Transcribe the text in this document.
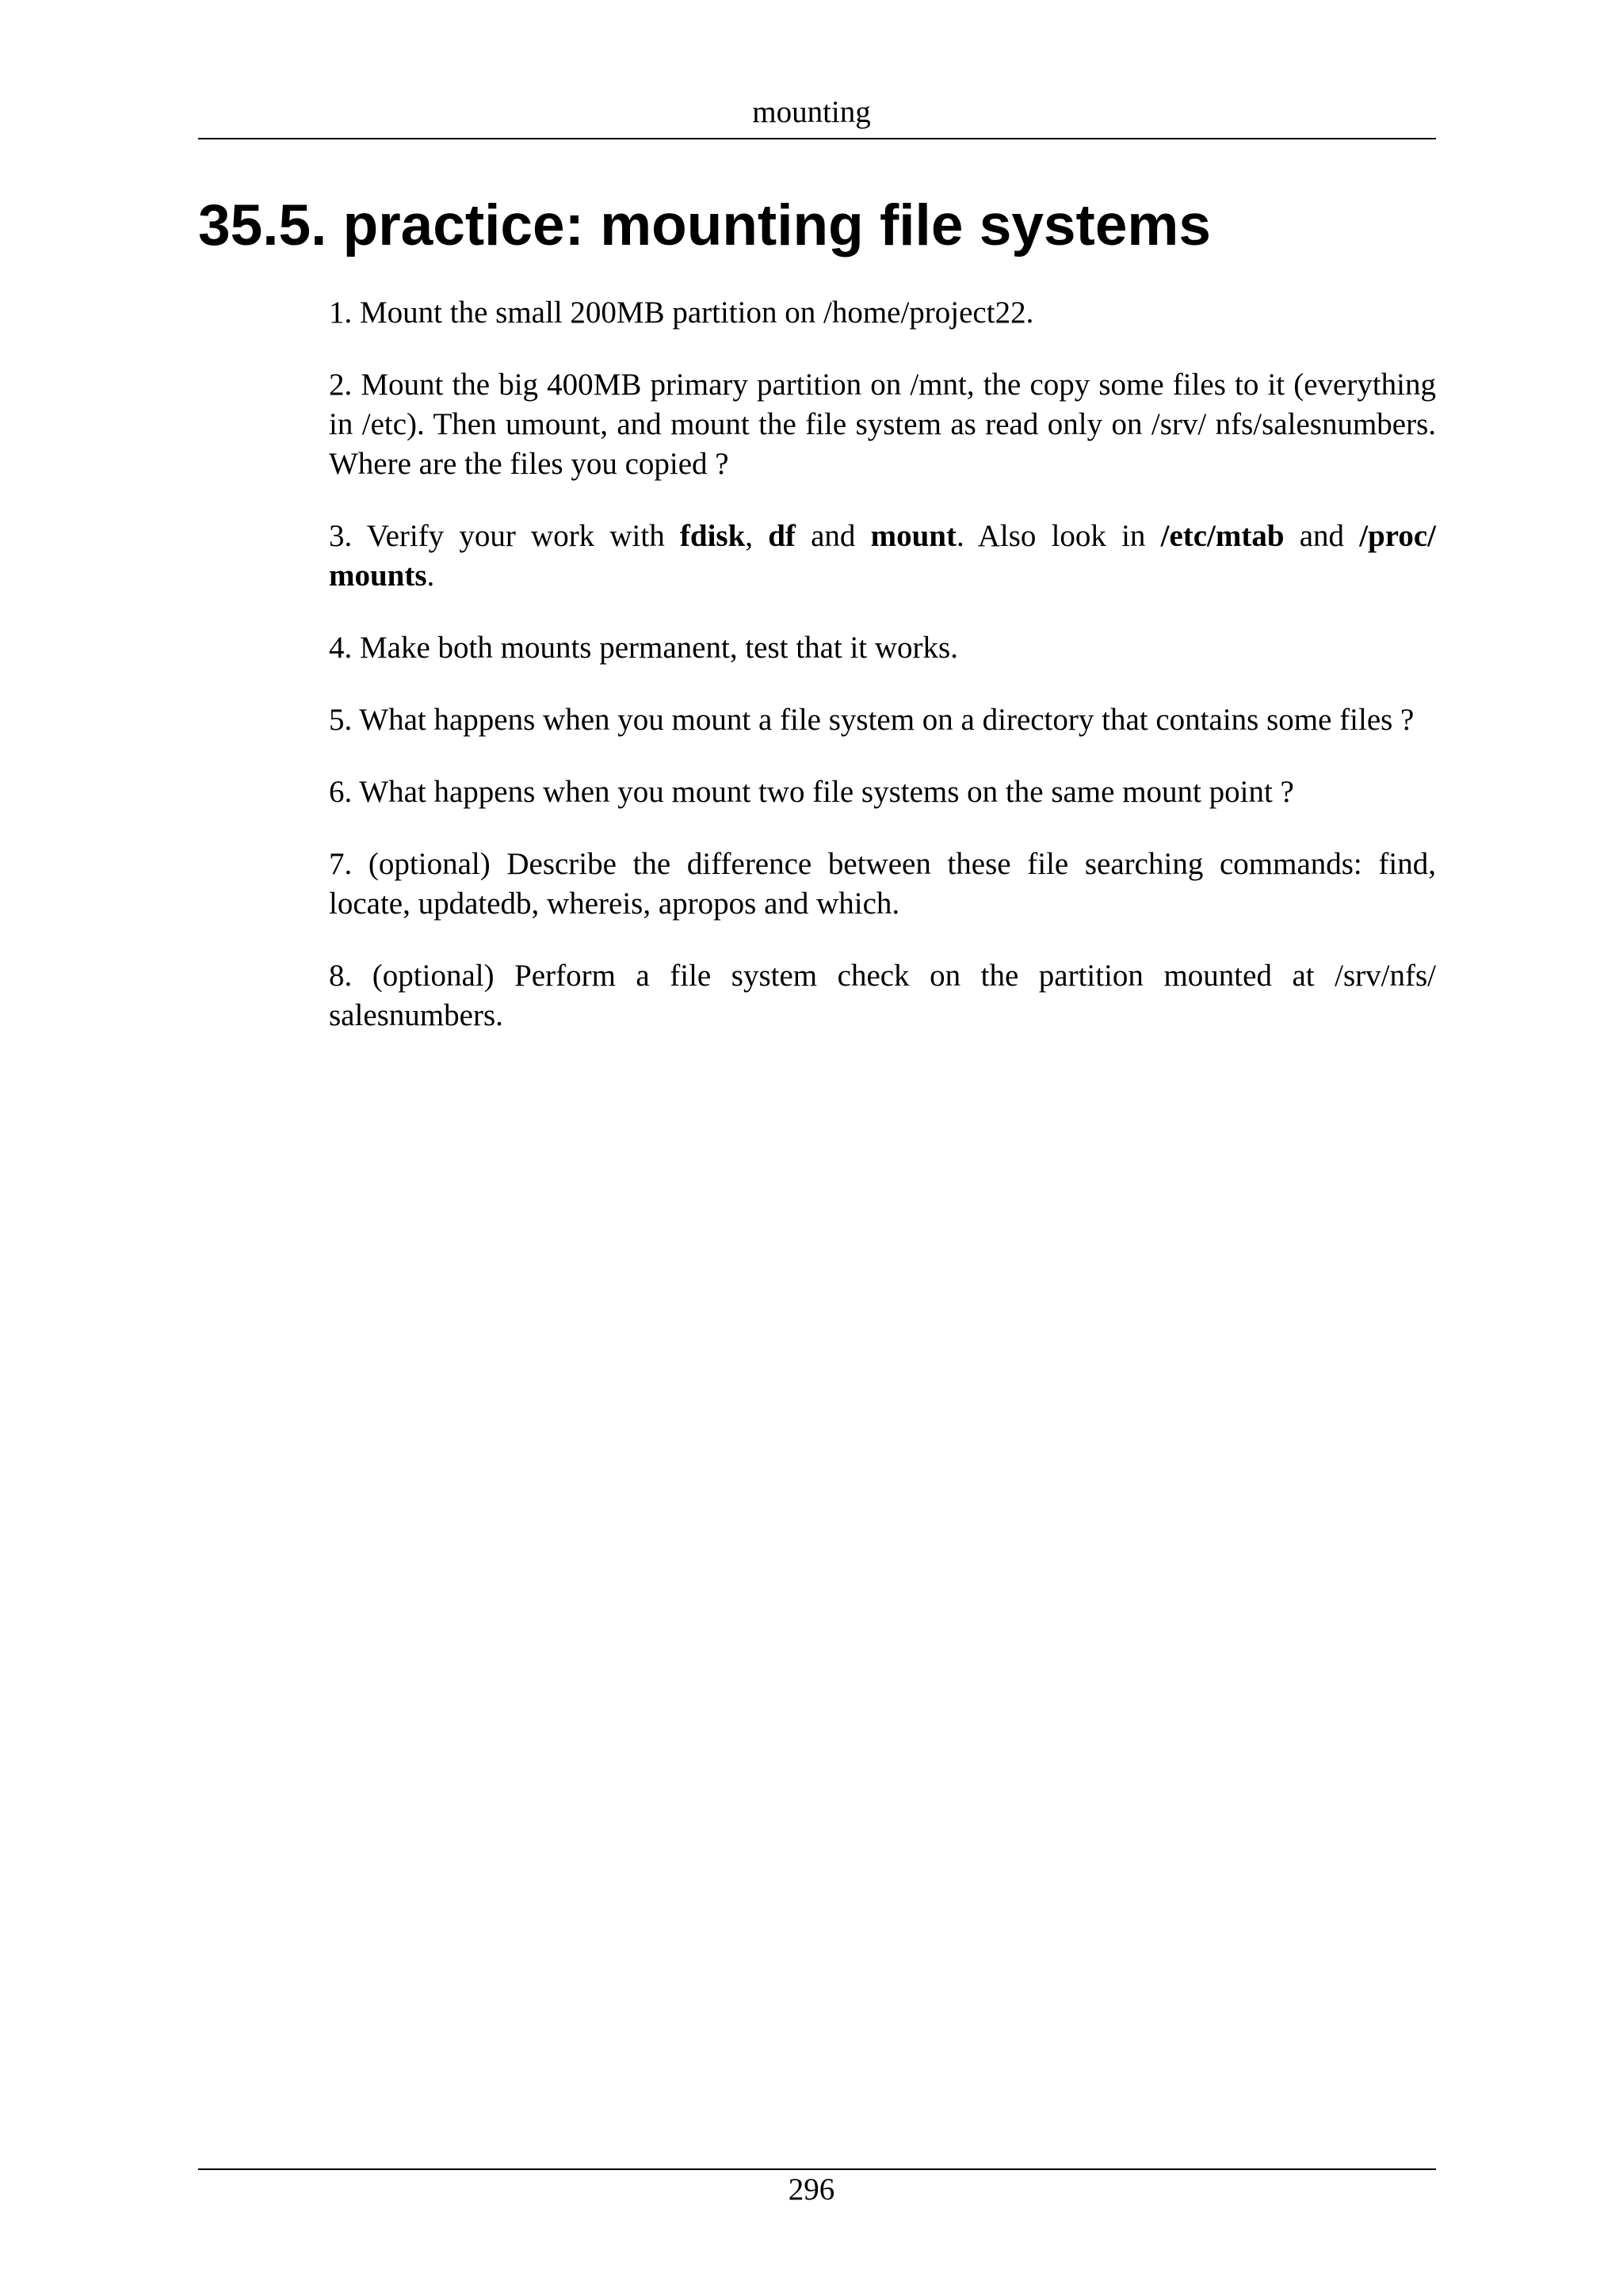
mounting
35.5. practice: mounting file systems

1. Mount the small 200MB partition on /home/project22.

2. Mount the big 400MB primary partition on /mnt, the copy some files to it (everything in /etc). Then umount, and mount the file system as read only on /srv/ nfs/salesnumbers. Where are the files you copied ?

3. Verify your work with fdisk, df and mount. Also look in /etc/mtab and /proc/ mounts.

4. Make both mounts permanent, test that it works.

5. What happens when you mount a file system on a directory that contains some files ?

6. What happens when you mount two file systems on the same mount point ?

7. (optional) Describe the difference between these file searching commands: find, locate, updatedb, whereis, apropos and which.

8. (optional) Perform a file system check on the partition mounted at /srv/nfs/ salesnumbers.

296
